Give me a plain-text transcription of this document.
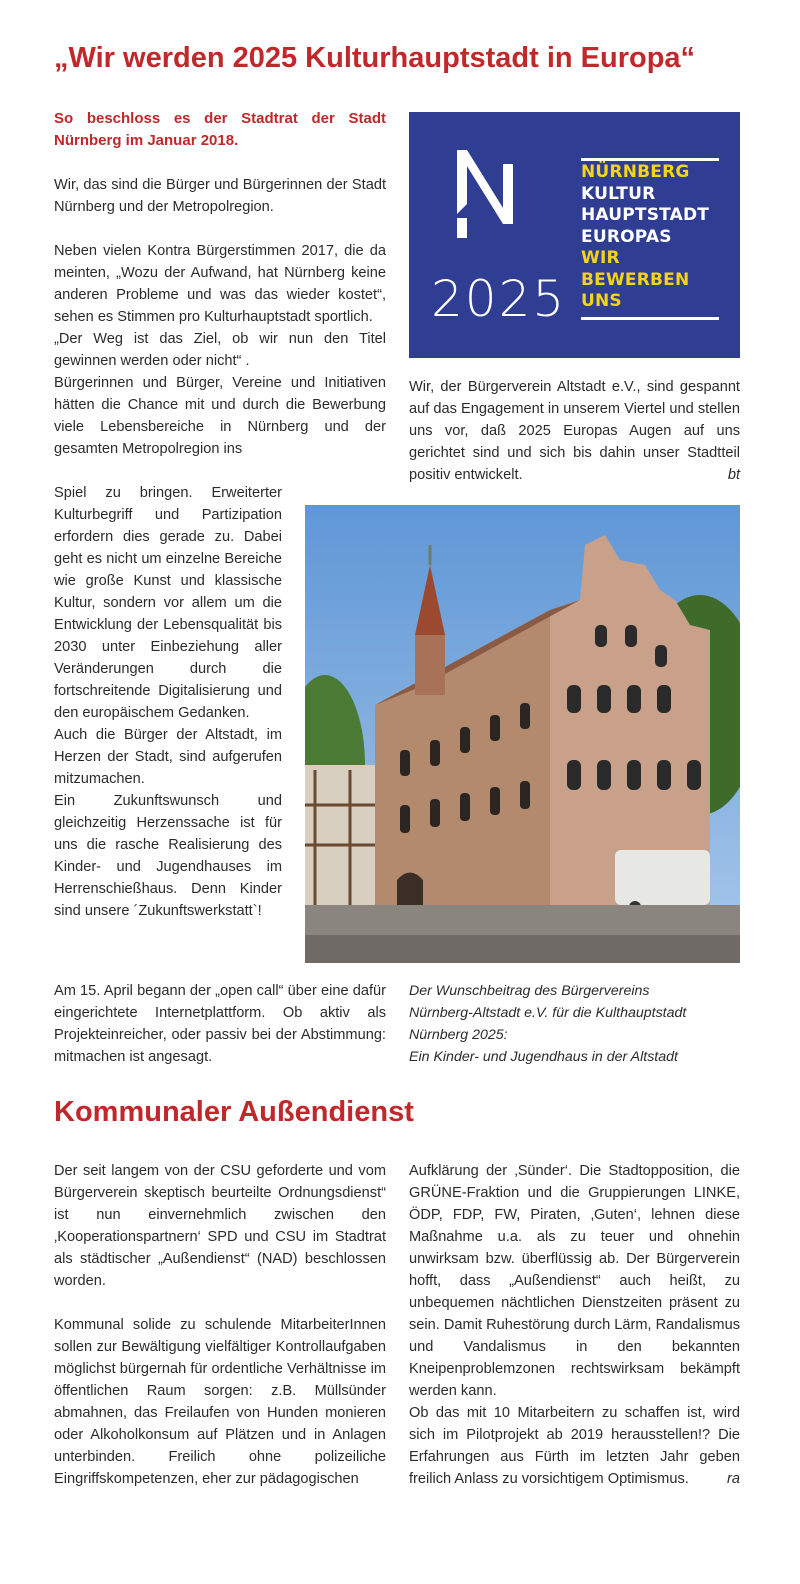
„Wir werden 2025 Kulturhauptstadt in Europa“
So beschloss es der Stadtrat der Stadt Nürnberg im Januar 2018.

Wir, das sind die Bürger und Bürgerinnen der Stadt Nürnberg und der Metropolregion.

Neben vielen Kontra Bürgerstimmen 2017, die da meinten, „Wozu der Aufwand, hat Nürnberg keine anderen Probleme und was das wieder kostet“, sehen es Stimmen pro Kulturhauptstadt sportlich.

„Der Weg ist das Ziel, ob wir nun den Titel gewinnen werden oder nicht“ .

Bürgerinnen und Bürger, Vereine und Initiativen hätten die Chance mit und durch die Bewerbung viele Lebensbereiche in Nürnberg und der gesamten Metropolregion ins

Spiel zu bringen. Erweiterter Kulturbegriff und Partizipation erfordern dies gerade zu. Dabei geht es nicht um einzelne Bereiche wie große Kunst und klassische Kultur, sondern vor allem um die Entwicklung der Lebensqualität bis 2030 unter Einbeziehung aller Veränderungen durch die fortschreitende Digitalisierung und den europäischem Gedanken.

Auch die Bürger der Altstadt, im Herzen der Stadt, sind aufgerufen mitzumachen.

Ein Zukunftswunsch und gleichzeitig Herzenssache ist für uns die rasche Realisierung des Kinder- und Jugendhauses im Herrenschießhaus. Denn Kinder sind unsere ´Zukunftswerkstatt`!

Am 15. April begann der „open call“ über eine dafür eingerichtete Internetplattform. Ob aktiv als Projekteinreicher, oder passiv bei der Abstimmung: mitmachen ist angesagt.

2025
NÜRNBERG
KULTUR
HAUPTSTADT
EUROPAS
WIR
BEWERBEN
UNS

Wir, der Bürgerverein Altstadt e.V., sind gespannt auf das Engagement in unserem Viertel und stellen uns vor, daß 2025 Europas Augen auf uns gerichtet sind und sich bis dahin unser Stadtteil positiv entwickelt.	bt

Der Wunschbeitrag des Bürgervereins
Nürnberg-Altstadt e.V. für die Kulthauptstadt
Nürnberg 2025:
Ein Kinder- und Jugendhaus in der Altstadt
Kommunaler Außendienst

Der seit langem von der CSU geforderte und vom Bürgerverein skeptisch beurteilte Ordnungsdienst“ ist nun einvernehmlich zwischen den ‚Kooperationspartnern‘ SPD und CSU im Stadtrat als städtischer „Außendienst“ (NAD) beschlossen worden.

Kommunal solide zu schulende MitarbeiterInnen sollen zur Bewältigung vielfältiger Kontrollaufgaben möglichst bürgernah für ordentliche Verhältnisse im öffentlichen Raum sorgen: z.B. Müllsünder abmahnen, das Freilaufen von Hunden monieren oder Alkoholkonsum auf Plätzen und in Anlagen unterbinden. Freilich ohne polizeiliche Eingriffskompetenzen, eher zur pädagogischen

Aufklärung der ‚Sünder‘. Die Stadtopposition, die GRÜNE-Fraktion und die Gruppierungen LINKE, ÖDP, FDP, FW, Piraten, ‚Guten‘, lehnen diese Maßnahme u.a. als zu teuer und ohnehin unwirksam bzw. überflüssig ab. Der Bürgerverein hofft, dass „Außendienst“ auch heißt, zu unbequemen nächtlichen Dienstzeiten präsent zu sein. Damit Ruhestörung durch Lärm, Randalismus und Vandalismus in den bekannten Kneipenproblemzonen rechtswirksam bekämpft werden kann.

Ob das mit 10 Mitarbeitern zu schaffen ist, wird sich im Pilotprojekt ab 2019 herausstellen!? Die Erfahrungen aus Fürth im letzten Jahr geben freilich Anlass zu vorsichtigem Optimismus.	ra
